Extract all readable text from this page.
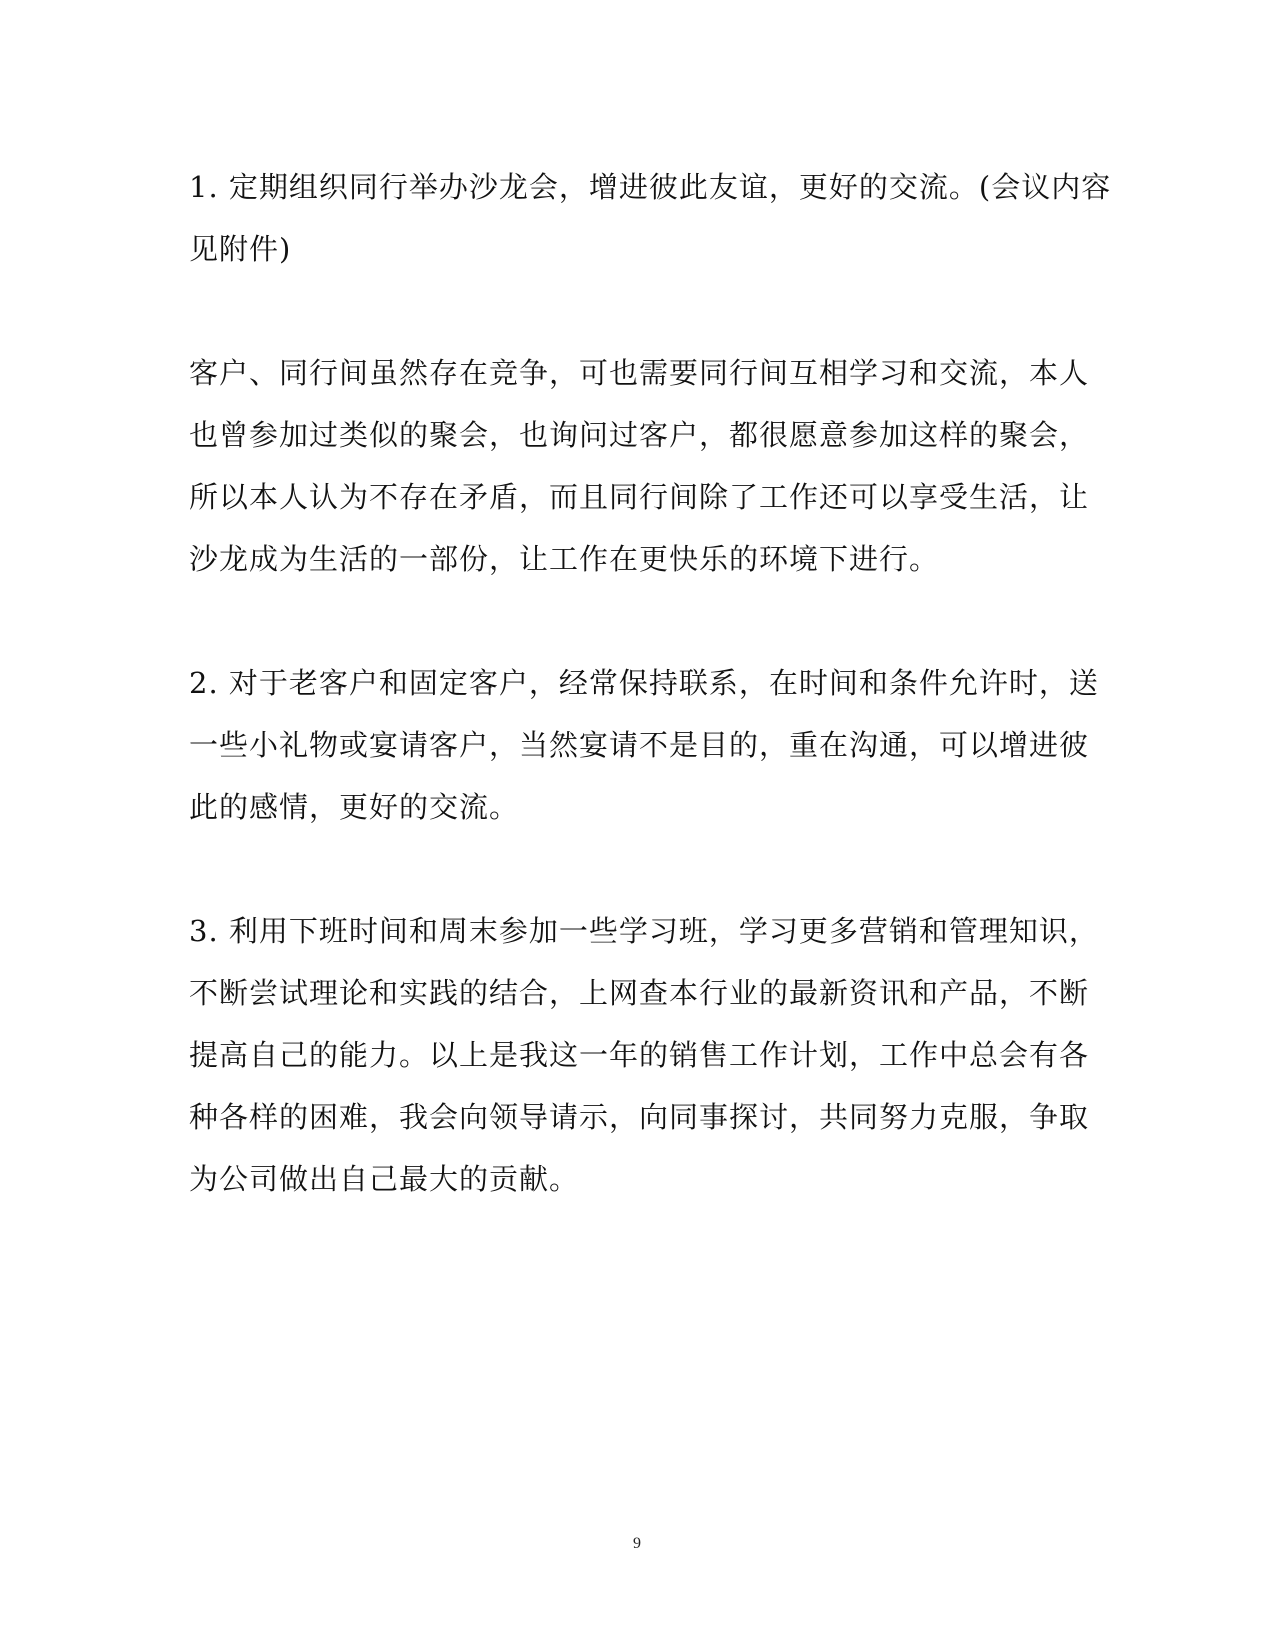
1. 定期组织同行举办沙龙会，增进彼此友谊，更好的交流。(会议内容
见附件)

客户、同行间虽然存在竞争，可也需要同行间互相学习和交流，本人
也曾参加过类似的聚会，也询问过客户，都很愿意参加这样的聚会，
所以本人认为不存在矛盾，而且同行间除了工作还可以享受生活，让
沙龙成为生活的一部份，让工作在更快乐的环境下进行。

2. 对于老客户和固定客户，经常保持联系，在时间和条件允许时，送
一些小礼物或宴请客户，当然宴请不是目的，重在沟通，可以增进彼
此的感情，更好的交流。

3. 利用下班时间和周末参加一些学习班，学习更多营销和管理知识，
不断尝试理论和实践的结合，上网查本行业的最新资讯和产品，不断
提高自己的能力。以上是我这一年的销售工作计划，工作中总会有各
种各样的困难，我会向领导请示，向同事探讨，共同努力克服，争取
为公司做出自己最大的贡献。

9
